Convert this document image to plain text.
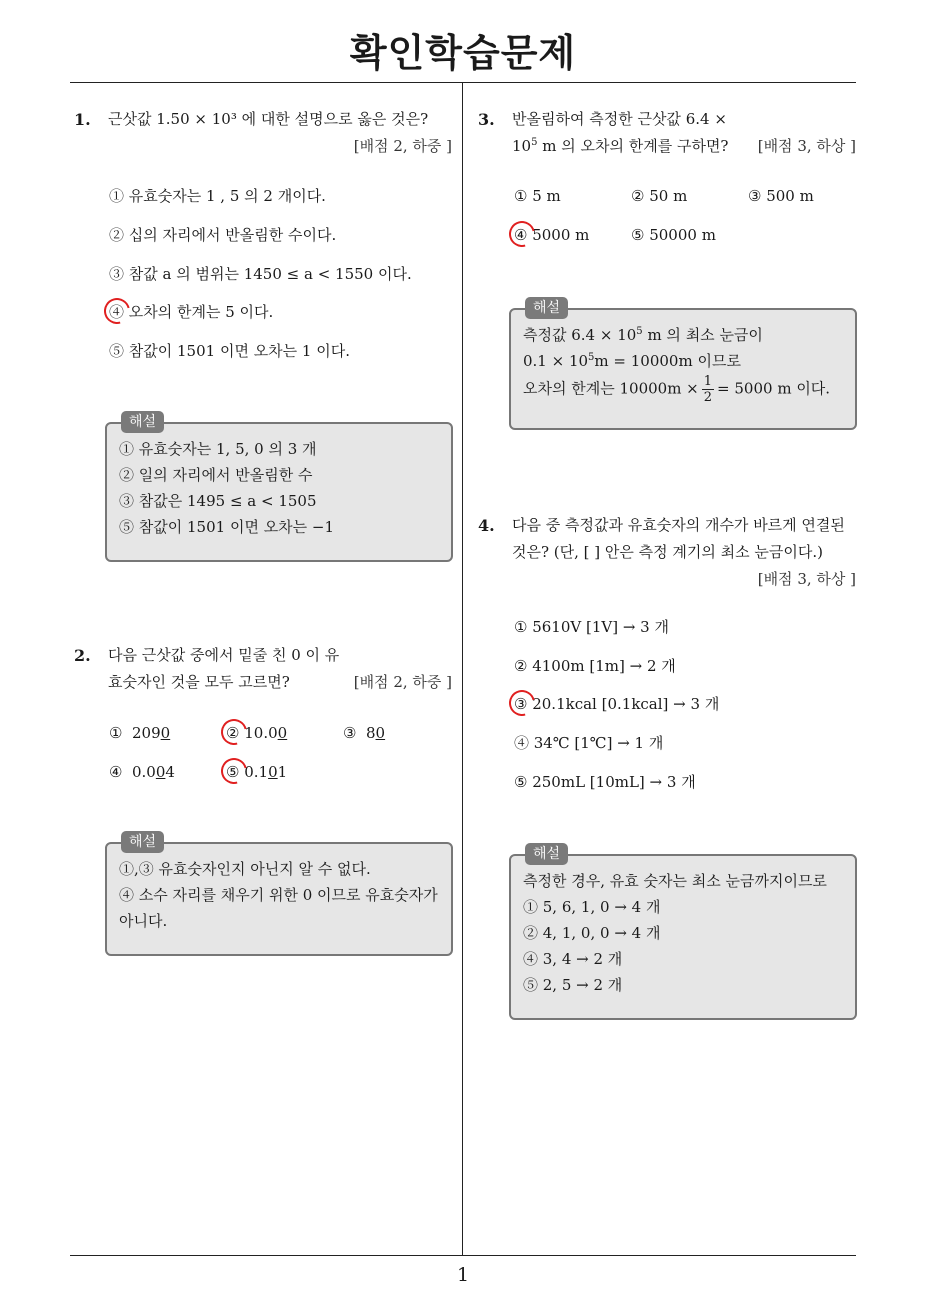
확인학습문제
1
1. 근삿값 1.50 × 10³ 에 대한 설명으로 옳은 것은?
[배점 2, 하중 ]
① 유효숫자는 1 , 5 의 2 개이다.
② 십의 자리에서 반올림한 수이다.
③ 참값 a 의 범위는 1450 ≤ a < 1550 이다.
④ 오차의 한계는 5 이다.
⑤ 참값이 1501 이면 오차는 1 이다.
해설
① 유효숫자는 1, 5, 0 의 3 개
② 일의 자리에서 반올림한 수
③ 참값은 1495 ≤ a < 1505
⑤ 참값이 1501 이면 오차는 −1
2. 다음 근삿값 중에서 밑줄 친 0 이 유효숫자인 것을 모두 고르면?	[배점 2, 하중 ]
① 2090	② 10.00	③ 80
④ 0.004	⑤ 0.101
해설
①,③ 유효숫자인지 아닌지 알 수 없다.
④ 소수 자리를 채우기 위한 0 이므로 유효숫자가 아니다.
3. 반올림하여 측정한 근삿값 $6.4 \times 10^5$ m 의 오차의 한계를 구하면?	[배점 3, 하상 ]
① 5 m	② 50 m	③ 500 m
④ 5000 m	⑤ 50000 m
해설
측정값 $6.4 \times 10^5$ m 의 최소 눈금이
$0.1 \times 10^5m = 10000m$ 이므로
오차의 한계는 $10000m \times \frac{1}{2} = 5000$ m 이다.
4. 다음 중 측정값과 유효숫자의 개수가 바르게 연결된 것은? (단, [ ] 안은 측정 계기의 최소 눈금이다.)
[배점 3, 하상 ]
① 5610V [1V] → 3 개
② 4100m [1m] → 2 개
③ 20.1kcal [0.1kcal] → 3 개
④ 34℃ [1℃] → 1 개
⑤ 250mL [10mL] → 3 개
해설
측정한 경우, 유효 숫자는 최소 눈금까지이므로
① 5, 6, 1, 0 → 4 개
② 4, 1, 0, 0 → 4 개
④ 3, 4 → 2 개
⑤ 2, 5 → 2 개
